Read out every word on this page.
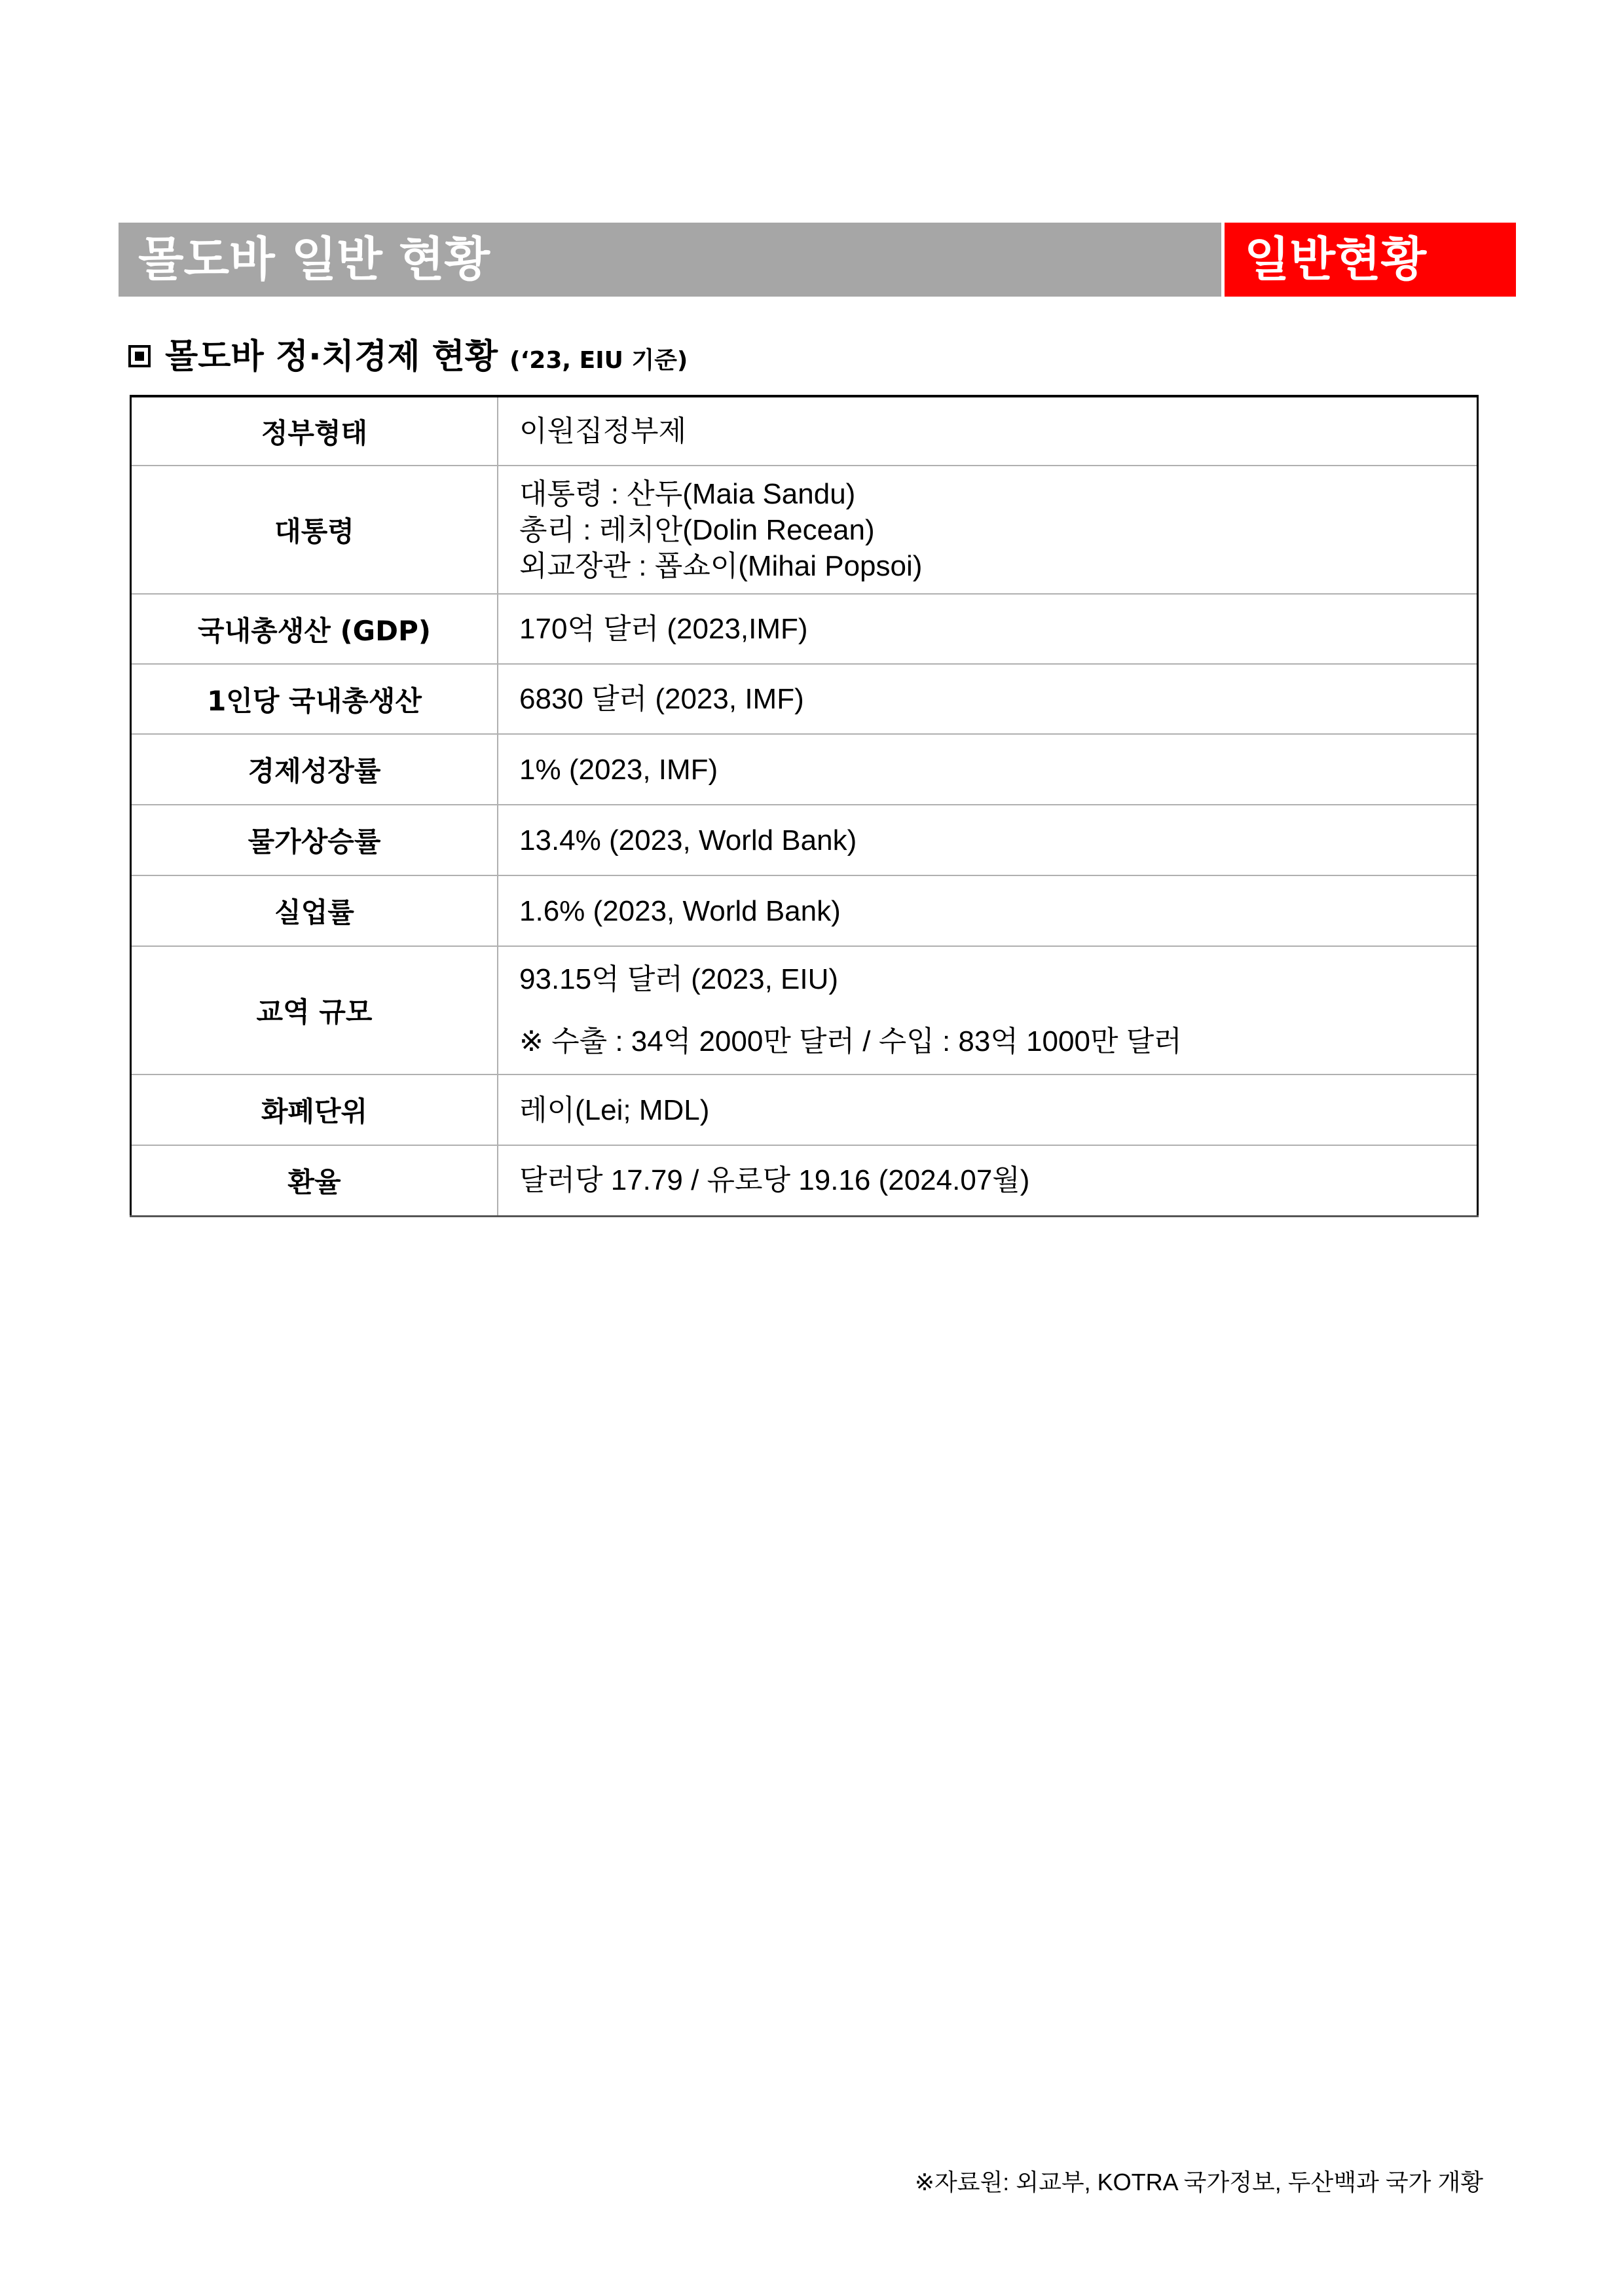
몰도바 일반 현황	일반현황
몰도바 정·치경제 현황 (‘23, EIU 기준)
정부형태	이원집정부제

대통령	대통령 : 산두(Maia Sandu)
총리 : 레치안(Dolin Recean)
외교장관 : 폽쇼이(Mihai Popsoi)

국내총생산 (GDP)	170억 달러 (2023,IMF)

1인당 국내총생산	6830 달러 (2023, IMF)

경제성장률	1% (2023, IMF)

물가상승률	13.4% (2023, World Bank)

실업률	1.6% (2023, World Bank)

교역 규모	93.15억 달러 (2023, EIU)
※ 수출 : 34억 2000만 달러 / 수입 : 83억 1000만 달러

화폐단위	레이(Lei; MDL)

환율	달러당 17.79 / 유로당 19.16 (2024.07월)
※자료원: 외교부, KOTRA 국가정보, 두산백과 국가 개황
